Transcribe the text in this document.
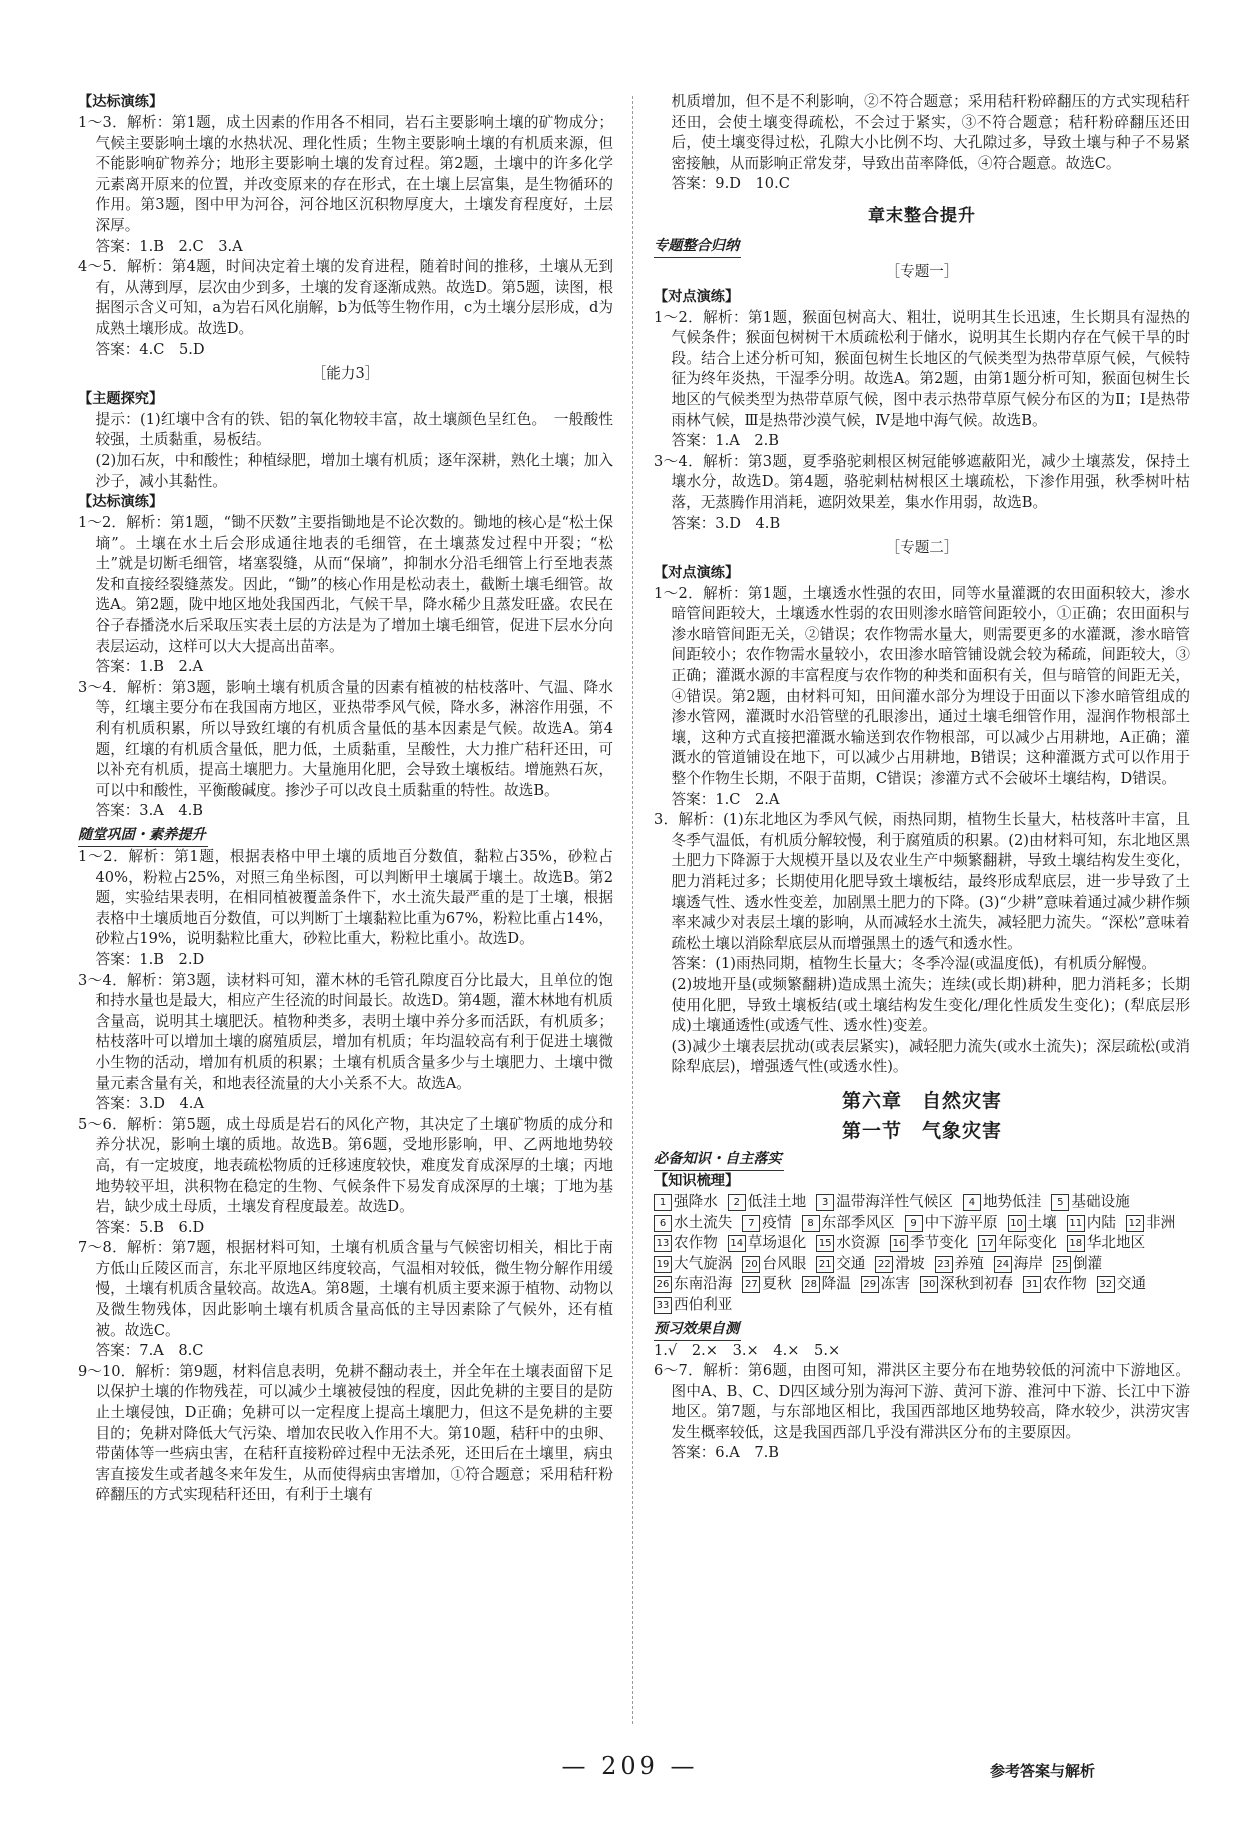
【达标演练】
1～3．解析：第1题，成土因素的作用各不相同，岩石主要影响土壤的矿物成分；气候主要影响土壤的水热状况、理化性质；生物主要影响土壤的有机质来源，但不能影响矿物养分；地形主要影响土壤的发育过程。第2题，土壤中的许多化学元素离开原来的位置，并改变原来的存在形式，在土壤上层富集，是生物循环的作用。第3题，图中甲为河谷，河谷地区沉积物厚度大，土壤发育程度好，土层深厚。
答案：1.B　2.C　3.A
4～5．解析：第4题，时间决定着土壤的发育进程，随着时间的推移，土壤从无到有，从薄到厚，层次由少到多，土壤的发育逐渐成熟。故选D。第5题，读图，根据图示含义可知，a为岩石风化崩解，b为低等生物作用，c为土壤分层形成，d为成熟土壤形成。故选D。
答案：4.C　5.D
［能力3］
【主题探究】
提示：(1)红壤中含有的铁、铝的氧化物较丰富，故土壤颜色呈红色。　一般酸性较强，土质黏重，易板结。
(2)加石灰，中和酸性；种植绿肥，增加土壤有机质；逐年深耕，熟化土壤；加入沙子，减小其黏性。
【达标演练】
1～2．解析：第1题，“锄不厌数”主要指锄地是不论次数的。锄地的核心是“松土保墒”。土壤在水土后会形成通往地表的毛细管，在土壤蒸发过程中开裂；“松土”就是切断毛细管，堵塞裂缝，从而“保墒”，抑制水分沿毛细管上行至地表蒸发和直接经裂缝蒸发。因此，“锄”的核心作用是松动表土，截断土壤毛细管。故选A。第2题，陇中地区地处我国西北，气候干旱，降水稀少且蒸发旺盛。农民在谷子春播浇水后采取压实表土层的方法是为了增加土壤毛细管，促进下层水分向表层运动，这样可以大大提高出苗率。
答案：1.B　2.A
3～4．解析：第3题，影响土壤有机质含量的因素有植被的枯枝落叶、气温、降水等，红壤主要分布在我国南方地区，亚热带季风气候，降水多，淋溶作用强，不利有机质积累，所以导致红壤的有机质含量低的基本因素是气候。故选A。第4题，红壤的有机质含量低，肥力低，土质黏重，呈酸性，大力推广秸秆还田，可以补充有机质，提高土壤肥力。大量施用化肥，会导致土壤板结。增施熟石灰，可以中和酸性，平衡酸碱度。掺沙子可以改良土质黏重的特性。故选B。
答案：3.A　4.B
随堂巩固・素养提升
1～2．解析：第1题，根据表格中甲土壤的质地百分数值，黏粒占35%，砂粒占40%，粉粒占25%，对照三角坐标图，可以判断甲土壤属于壤土。故选B。第2题，实验结果表明，在相同植被覆盖条件下，水土流失最严重的是丁土壤，根据表格中土壤质地百分数值，可以判断丁土壤黏粒比重为67%，粉粒比重占14%，砂粒占19%，说明黏粒比重大，砂粒比重大，粉粒比重小。故选D。
答案：1.B　2.D
3～4．解析：第3题，读材料可知，灌木林的毛管孔隙度百分比最大，且单位的饱和持水量也是最大，相应产生径流的时间最长。故选D。第4题，灌木林地有机质含量高，说明其土壤肥沃。植物种类多，表明土壤中养分多而活跃，有机质多；枯枝落叶可以增加土壤的腐殖质层，增加有机质；年均温较高有利于促进土壤微小生物的活动，增加有机质的积累；土壤有机质含量多少与土壤肥力、土壤中微量元素含量有关，和地表径流量的大小关系不大。故选A。
答案：3.D　4.A
5～6．解析：第5题，成土母质是岩石的风化产物，其决定了土壤矿物质的成分和养分状况，影响土壤的质地。故选B。第6题，受地形影响，甲、乙两地地势较高，有一定坡度，地表疏松物质的迁移速度较快，难度发育成深厚的土壤；丙地地势较平坦，洪积物在稳定的生物、气候条件下易发育成深厚的土壤；丁地为基岩，缺少成土母质，土壤发育程度最差。故选D。
答案：5.B　6.D
7～8．解析：第7题，根据材料可知，土壤有机质含量与气候密切相关，相比于南方低山丘陵区而言，东北平原地区纬度较高，气温相对较低，微生物分解作用缓慢，土壤有机质含量较高。故选A。第8题，土壤有机质主要来源于植物、动物以及微生物残体，因此影响土壤有机质含量高低的主导因素除了气候外，还有植被。故选C。
答案：7.A　8.C
9～10．解析：第9题，材料信息表明，免耕不翻动表土，并全年在土壤表面留下足以保护土壤的作物残茬，可以减少土壤被侵蚀的程度，因此免耕的主要目的是防止土壤侵蚀，D正确；免耕可以一定程度上提高土壤肥力，但这不是免耕的主要目的；免耕对降低大气污染、增加农民收入作用不大。第10题，秸秆中的虫卵、带菌体等一些病虫害，在秸秆直接粉碎过程中无法杀死，还田后在土壤里，病虫害直接发生或者越冬来年发生，从而使得病虫害增加，①符合题意；采用秸秆粉碎翻压的方式实现秸秆还田，有利于土壤有
机质增加，但不是不利影响，②不符合题意；采用秸秆粉碎翻压的方式实现秸秆还田，会使土壤变得疏松，不会过于紧实，③不符合题意；秸秆粉碎翻压还田后，使土壤变得过松，孔隙大小比例不均、大孔隙过多，导致土壤与种子不易紧密接触，从而影响正常发芽，导致出苗率降低，④符合题意。故选C。
答案：9.D　10.C
章末整合提升
专题整合归纳
［专题一］
【对点演练】
1～2．解析：第1题，猴面包树高大、粗壮，说明其生长迅速，生长期具有湿热的气候条件；猴面包树树干木质疏松利于储水，说明其生长期内存在气候干旱的时段。结合上述分析可知，猴面包树生长地区的气候类型为热带草原气候，气候特征为终年炎热，干湿季分明。故选A。第2题，由第1题分析可知，猴面包树生长地区的气候类型为热带草原气候，图中表示热带草原气候分布区的为Ⅱ；Ⅰ是热带雨林气候，Ⅲ是热带沙漠气候，Ⅳ是地中海气候。故选B。
答案：1.A　2.B
3～4．解析：第3题，夏季骆驼刺根区树冠能够遮蔽阳光，减少土壤蒸发，保持土壤水分，故选D。第4题，骆驼刺枯树根区土壤疏松，下渗作用强，秋季树叶枯落，无蒸腾作用消耗，遮阴效果差，集水作用弱，故选B。
答案：3.D　4.B
［专题二］
【对点演练】
1～2．解析：第1题，土壤透水性强的农田，同等水量灌溉的农田面积较大，渗水暗管间距较大，土壤透水性弱的农田则渗水暗管间距较小，①正确；农田面积与渗水暗管间距无关，②错误；农作物需水量大，则需要更多的水灌溉，渗水暗管间距较小；农作物需水量较小，农田渗水暗管铺设就会较为稀疏，间距较大，③正确；灌溉水源的丰富程度与农作物的种类和面积有关，但与暗管的间距无关，④错误。第2题，由材料可知，田间灌水部分为埋设于田面以下渗水暗管组成的渗水管网，灌溉时水沿管壁的孔眼渗出，通过土壤毛细管作用，湿润作物根部土壤，这种方式直接把灌溉水输送到农作物根部，可以减少占用耕地，A正确；灌溉水的管道铺设在地下，可以减少占用耕地，B错误；这种灌溉方式可以作用于整个作物生长期，不限于苗期，C错误；渗灌方式不会破坏土壤结构，D错误。
答案：1.C　2.A
3．解析：(1)东北地区为季风气候，雨热同期，植物生长量大，枯枝落叶丰富，且冬季气温低，有机质分解较慢，利于腐殖质的积累。(2)由材料可知，东北地区黑土肥力下降源于大规模开垦以及农业生产中频繁翻耕，导致土壤结构发生变化，肥力消耗过多；长期使用化肥导致土壤板结，最终形成犁底层，进一步导致了土壤透气性、透水性变差，加剧黑土肥力的下降。(3)“少耕”意味着通过减少耕作频率来减少对表层土壤的影响，从而减轻水土流失，减轻肥力流失。“深松”意味着疏松土壤以消除犁底层从而增强黑土的透气和透水性。
答案：(1)雨热同期，植物生长量大；冬季冷湿(或温度低)，有机质分解慢。
(2)坡地开垦(或频繁翻耕)造成黑土流失；连续(或长期)耕种，肥力消耗多；长期使用化肥，导致土壤板结(或土壤结构发生变化/理化性质发生变化)；(犁底层形成)土壤通透性(或透气性、透水性)变差。
(3)减少土壤表层扰动(或表层紧实)，减轻肥力流失(或水土流失)；深层疏松(或消除犁底层)，增强透气性(或透水性)。
第六章　自然灾害
第一节　气象灾害
必备知识・自主落实
【知识梳理】
1 强降水	2 低洼土地	3 温带海洋性气候区	4 地势低洼	5 基础设施
6 水土流失	7 疫情	8 东部季风区	9 中下游平原 10 土壤 11 内陆 12 非洲
13 农作物 14 草场退化 15 水资源 16 季节变化 17 年际变化 18 华北地区
19 大气旋涡 20 台风眼 21 交通 22 滑坡 23 养殖 24 海岸 25 倒灌
26 东南沿海 27 夏秋 28 降温 29 冻害 30 深秋到初春 31 农作物 32 交通
33 西伯利亚
预习效果自测
1.√　2.×　3.×　4.×　5.×
6～7．解析：第6题，由图可知，滞洪区主要分布在地势较低的河流中下游地区。图中A、B、C、D四区域分别为海河下游、黄河下游、淮河中下游、长江中下游地区。第7题，与东部地区相比，我国西部地区地势较高，降水较少，洪涝灾害发生概率较低，这是我国西部几乎没有滞洪区分布的主要原因。
答案：6.A　7.B
— 209 —	参考答案与解析
